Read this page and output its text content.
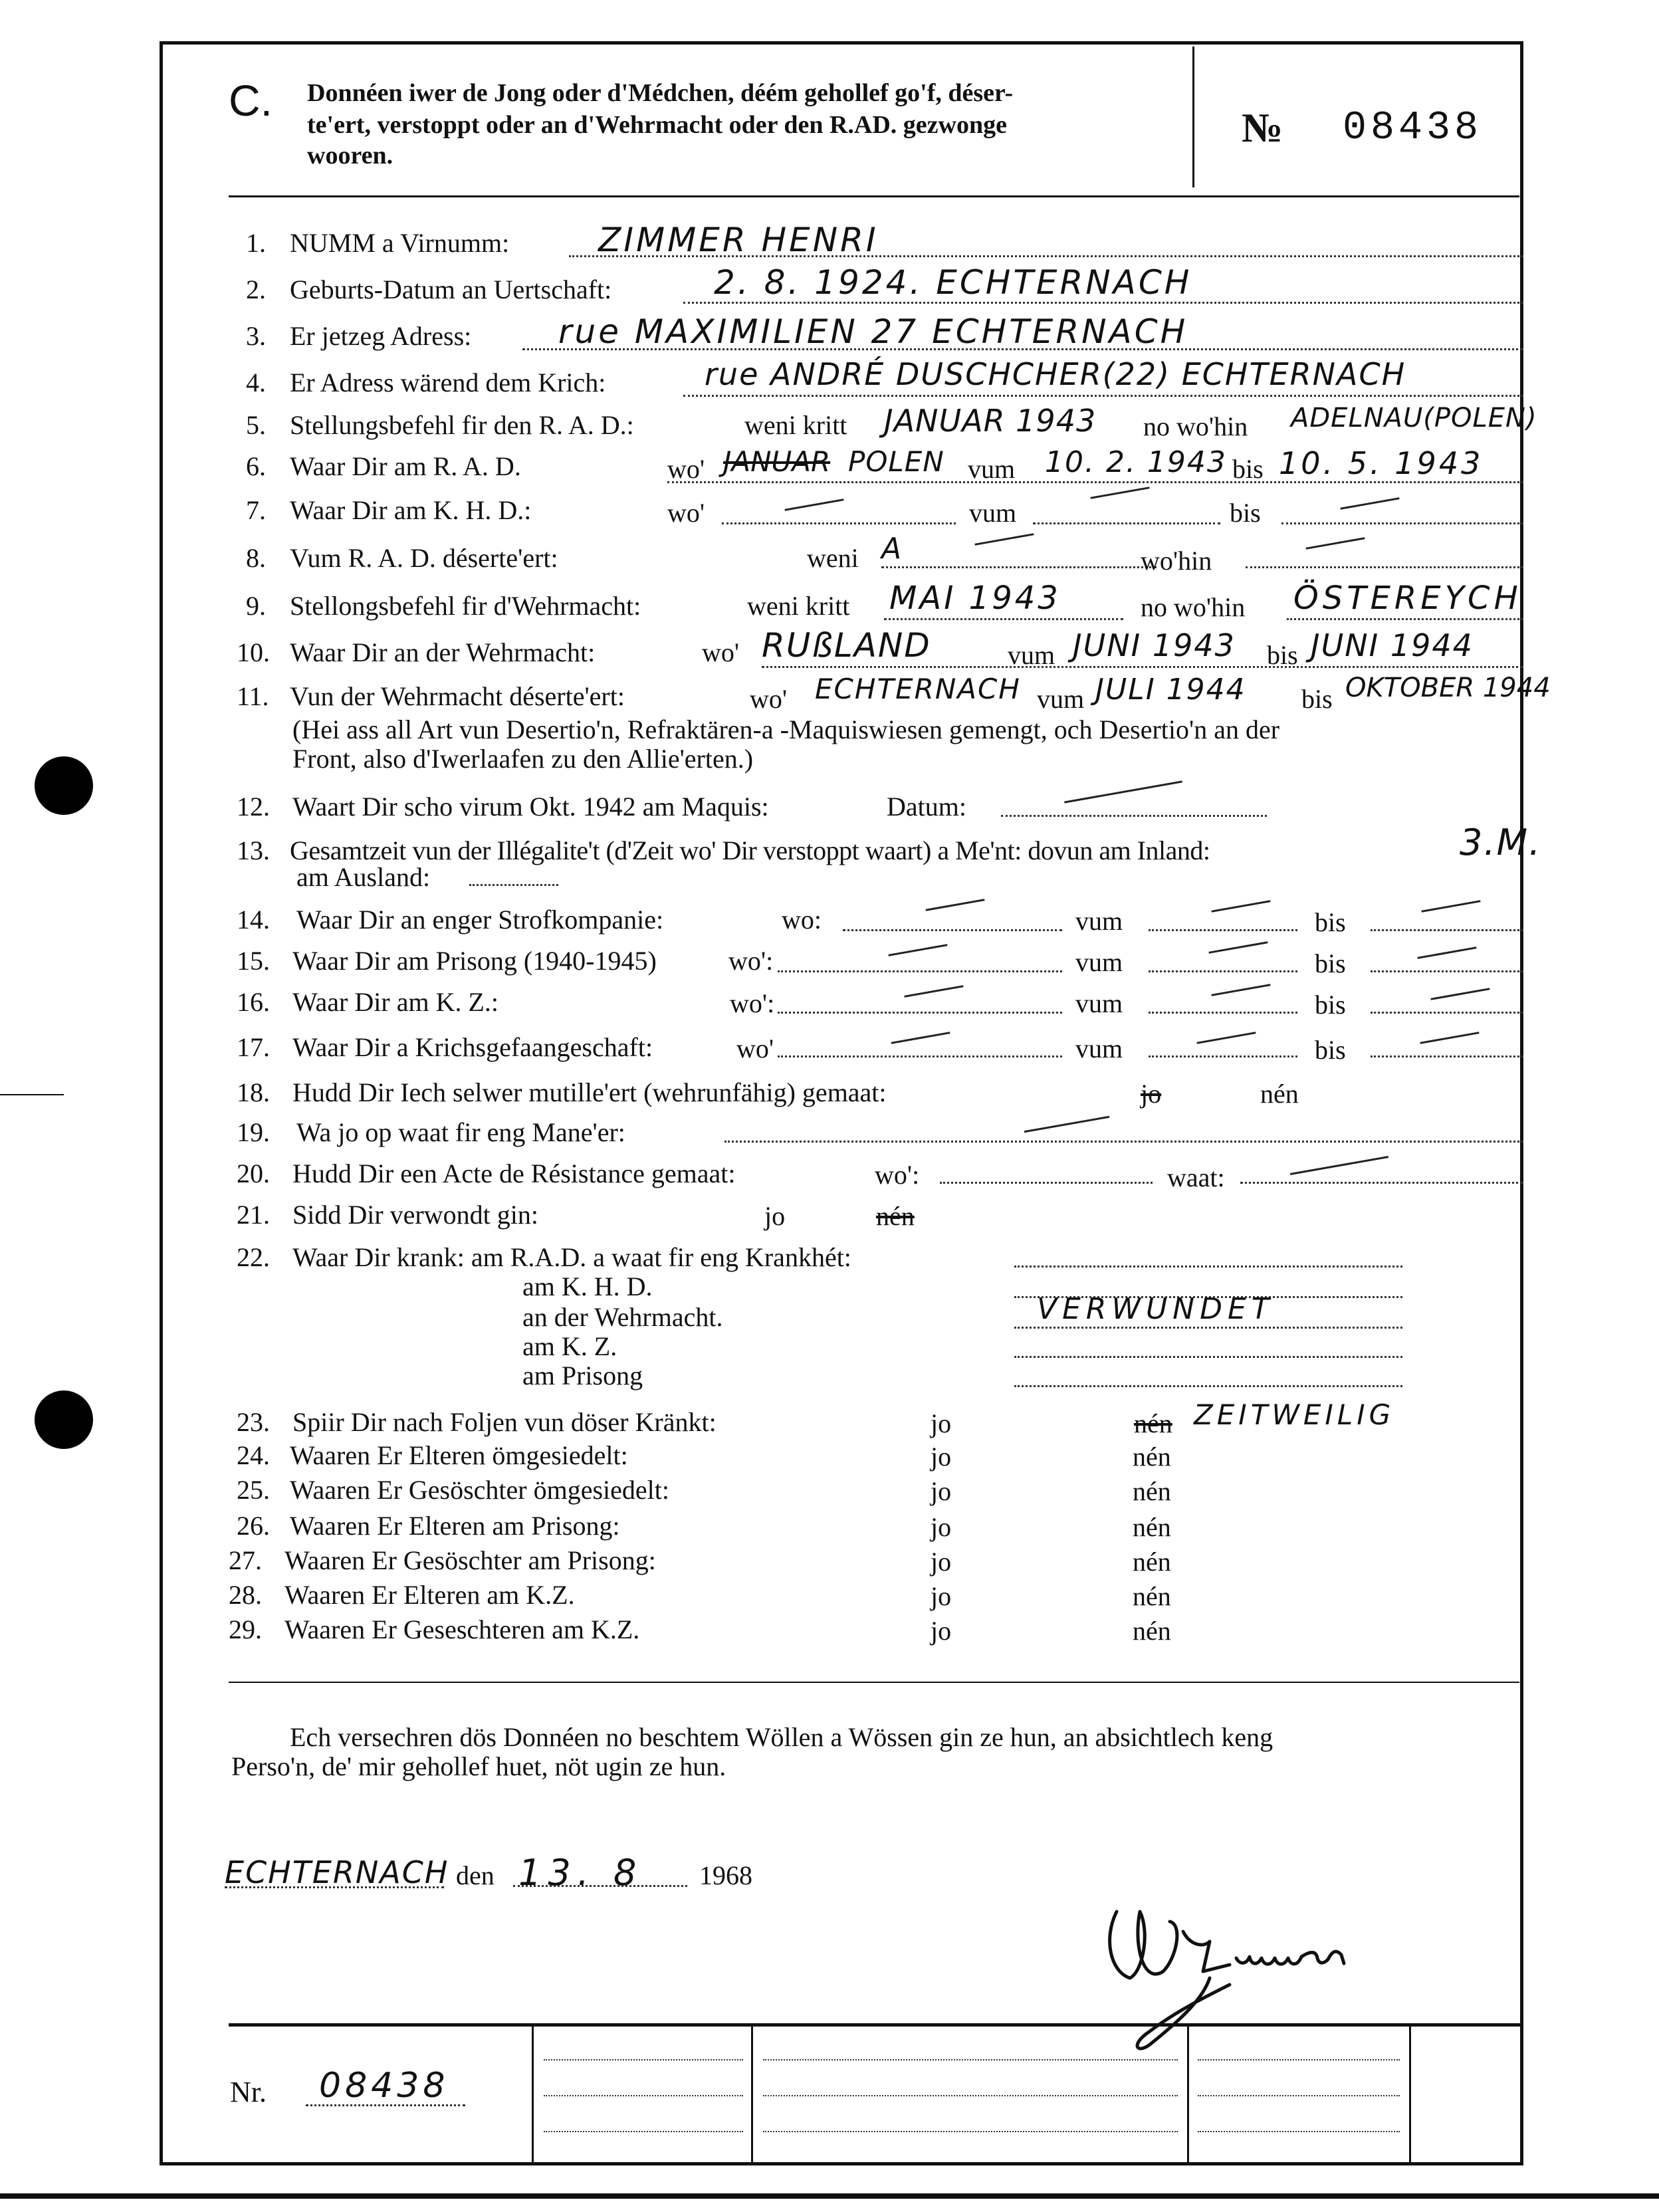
C. Donnéen iwer de Jong oder d'Médchen, déém gehollef go'f, déser-
te'ert, verstoppt oder an d'Wehrmacht oder den R.AD. gezwonge
wooren.
№ 08438
1. NUMM a Virnumm:	ZIMMER HENRI
2. Geburts-Datum an Uertschaft:	2. 8. 1924. ECHTERNACH
3. Er jetzeg Adress:	rue MAXIMILIEN 27 ECHTERNACH
4. Er Adress wärend dem Krich:	rue ANDRÉ DUSCHCHER(22) ECHTERNACH
5. Stellungsbefehl fir den R. A. D.:	weni kritt JANUAR 1943 no wo'hin ADELNAU(POLEN)
6. Waar Dir am R. A. D.	wo' JANUAR POLEN vum 10. 2. 1943 bis 10. 5. 1943
7. Waar Dir am K. H. D.:	wo'	vum	bis
8. Vum R. A. D. déserte'ert:	weni A	wo'hin
9. Stellongsbefehl fir d'Wehrmacht:	weni kritt MAI 1943	no wo'hin ÖSTEREYCH
10. Waar Dir an der Wehrmacht:	wo' RUßLAND	vum JUNI 1943 bis JUNI 1944
11. Vun der Wehrmacht déserte'ert:	wo' ECHTERNACH vum JULI 1944 bis OKTOBER 1944
(Hei ass all Art vun Desertio'n, Refraktären-a -Maquiswiesen gemengt, och Desertio'n an der
Front, also d'Iwerlaafen zu den Allie'erten.)
12. Waart Dir scho virum Okt. 1942 am Maquis:	Datum:
13. Gesamtzeit vun der Illégalite't (d'Zeit wo' Dir verstoppt waart) a Me'nt: dovun am Inland:	3.M.
am Ausland:
14. Waar Dir an enger Strofkompanie:	wo:	vum	bis
15. Waar Dir am Prisong (1940-1945)	wo':	vum	bis
16. Waar Dir am K. Z.:	wo':	vum	bis
17. Waar Dir a Krichsgefaangeschaft:	wo'	vum	bis
18. Hudd Dir Iech selwer mutille'ert (wehrunfähig) gemaat:	jo	nén
19. Wa jo op waat fir eng Mane'er:
20. Hudd Dir een Acte de Résistance gemaat:	wo':	waat:
21. Sidd Dir verwondt gin:	jo	nén
22. Waar Dir krank: am R.A.D. a waat fir eng Krankhét:
am K. H. D.
an der Wehrmacht.	VERWUNDET
am K. Z.
am Prisong
23. Spiir Dir nach Foljen vun döser Kränkt:	jo	nén ZEITWEILIG
24. Waaren Er Elteren ömgesiedelt:	jo	nén
25. Waaren Er Gesöschter ömgesiedelt:	jo	nén
26. Waaren Er Elteren am Prisong:	jo	nén
27. Waaren Er Gesöschter am Prisong:	jo	nén
28. Waaren Er Elteren am K.Z.	jo	nén
29. Waaren Er Geseschteren am K.Z.	jo	nén
Ech versechren dös Donnéen no beschtem Wöllen a Wössen gin ze hun, an absichtlech keng
Perso'n, de' mir gehollef huet, nöt ugin ze hun.
ECHTERNACH den 13. 8 1968
Nr. 08438
